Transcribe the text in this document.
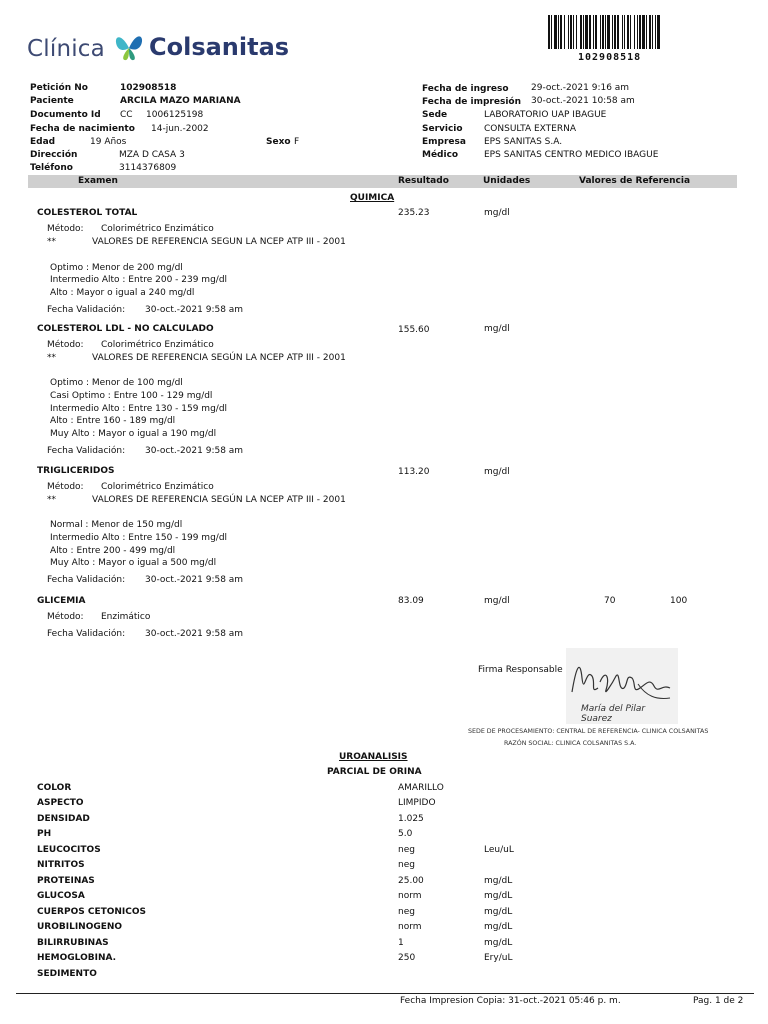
Clínica Colsanitas	102908518
Petición No	102908518
Paciente	ARCILA MAZO MARIANA
Documento Id CC 1006125198
Fecha de nacimiento 14-jun.-2002
Edad	19 Años	Sexo F
Dirección	MZA D CASA 3
Teléfono	3114376809
Fecha de ingreso 29-oct.-2021 9:16 am
Fecha de impresión 30-oct.-2021 10:58 am
Sede	LABORATORIO UAP IBAGUE
Servicio CONSULTA EXTERNA
Empresa EPS SANITAS S.A.
Médico	EPS SANITAS CENTRO MEDICO IBAGUE
Examen	Resultado	Unidades	Valores de Referencia
QUIMICA
COLESTEROL TOTAL	235.23	mg/dl
Método: Colorimétrico Enzimático
**	VALORES DE REFERENCIA SEGUN LA NCEP ATP III - 2001
Optimo : Menor de 200 mg/dl
Intermedio Alto : Entre 200 - 239 mg/dl
Alto : Mayor o igual a 240 mg/dl
Fecha Validación: 30-oct.-2021 9:58 am
COLESTEROL LDL - NO CALCULADO	155.60	mg/dl
Método: Colorimétrico Enzimático
**	VALORES DE REFERENCIA SEGÚN LA NCEP ATP III - 2001
Optimo : Menor de 100 mg/dl
Casi Optimo : Entre 100 - 129 mg/dl
Intermedio Alto : Entre 130 - 159 mg/dl
Alto : Entre 160 - 189 mg/dl
Muy Alto : Mayor o igual a 190 mg/dl
Fecha Validación: 30-oct.-2021 9:58 am
TRIGLICERIDOS	113.20	mg/dl
Método: Colorimétrico Enzimático
**	VALORES DE REFERENCIA SEGÚN LA NCEP ATP III - 2001
Normal : Menor de 150 mg/dl
Intermedio Alto : Entre 150 - 199 mg/dl
Alto : Entre 200 - 499 mg/dl
Muy Alto : Mayor o igual a 500 mg/dl
Fecha Validación: 30-oct.-2021 9:58 am
GLICEMIA	83.09	mg/dl	70	100
Método: Enzimático
Fecha Validación: 30-oct.-2021 9:58 am
Firma Responsable
María del Pilar Suarez
SEDE DE PROCESAMIENTO: CENTRAL DE REFERENCIA- CLINICA COLSANITAS
RAZÓN SOCIAL: CLINICA COLSANITAS S.A.
UROANALISIS
PARCIAL DE ORINA
COLOR	AMARILLO
ASPECTO	LIMPIDO
DENSIDAD	1.025
PH	5.0
LEUCOCITOS	neg	Leu/uL
NITRITOS	neg
PROTEINAS	25.00	mg/dL
GLUCOSA	norm	mg/dL
CUERPOS CETONICOS	neg	mg/dL
UROBILINOGENO	norm	mg/dL
BILIRRUBINAS	1	mg/dL
HEMOGLOBINA.	250	Ery/uL
SEDIMENTO
Fecha Impresion Copia: 31-oct.-2021 05:46 p. m.	Pag. 1 de 2
